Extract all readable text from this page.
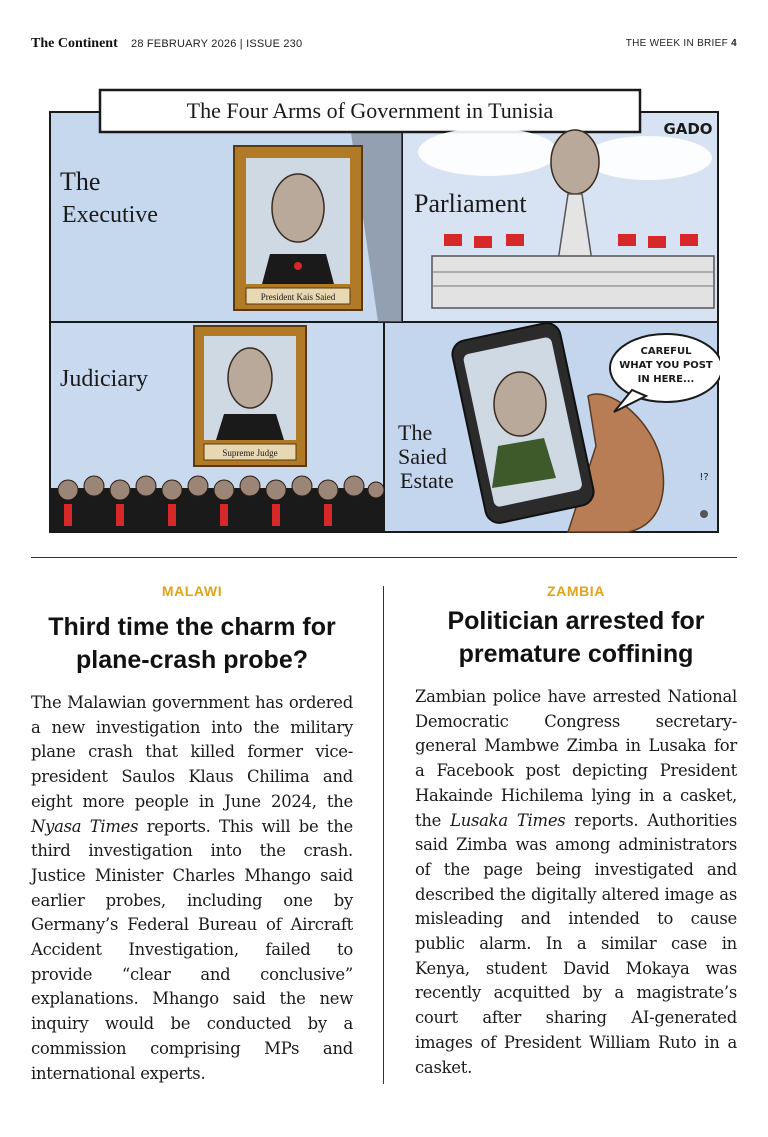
The Continent 28 FEBRUARY 2026 | ISSUE 230	THE WEEK IN BRIEF 4
The Four Arms of Government in Tunisia
GADO
The
Executive
President Kais Saied
Parliament
Judiciary
Supreme Judge
The
Saied
Estate
CAREFUL
WHAT YOU POST
IN HERE...
!?
MALAWI
Third time the charm for plane-crash probe?
The Malawian government has ordered a new investigation into the military plane crash that killed former vice-president Saulos Klaus Chilima and eight more people in June 2024, the Nyasa Times reports. This will be the third investigation into the crash. Justice Minister Charles Mhango said earlier probes, including one by Germany’s Federal Bureau of Aircraft Accident Investigation, failed to provide “clear and conclusive” explanations. Mhango said the new inquiry would be conducted by a commission comprising MPs and international experts.
ZAMBIA
Politician arrested for premature coffining
Zambian police have arrested National Democratic Congress secretary-general Mambwe Zimba in Lusaka for a Facebook post depicting President Hakainde Hichilema lying in a casket, the Lusaka Times reports. Authorities said Zimba was among administrators of the page being investigated and described the digitally altered image as misleading and intended to cause public alarm. In a similar case in Kenya, student David Mokaya was recently acquitted by a magistrate’s court after sharing AI-generated images of President William Ruto in a casket.
